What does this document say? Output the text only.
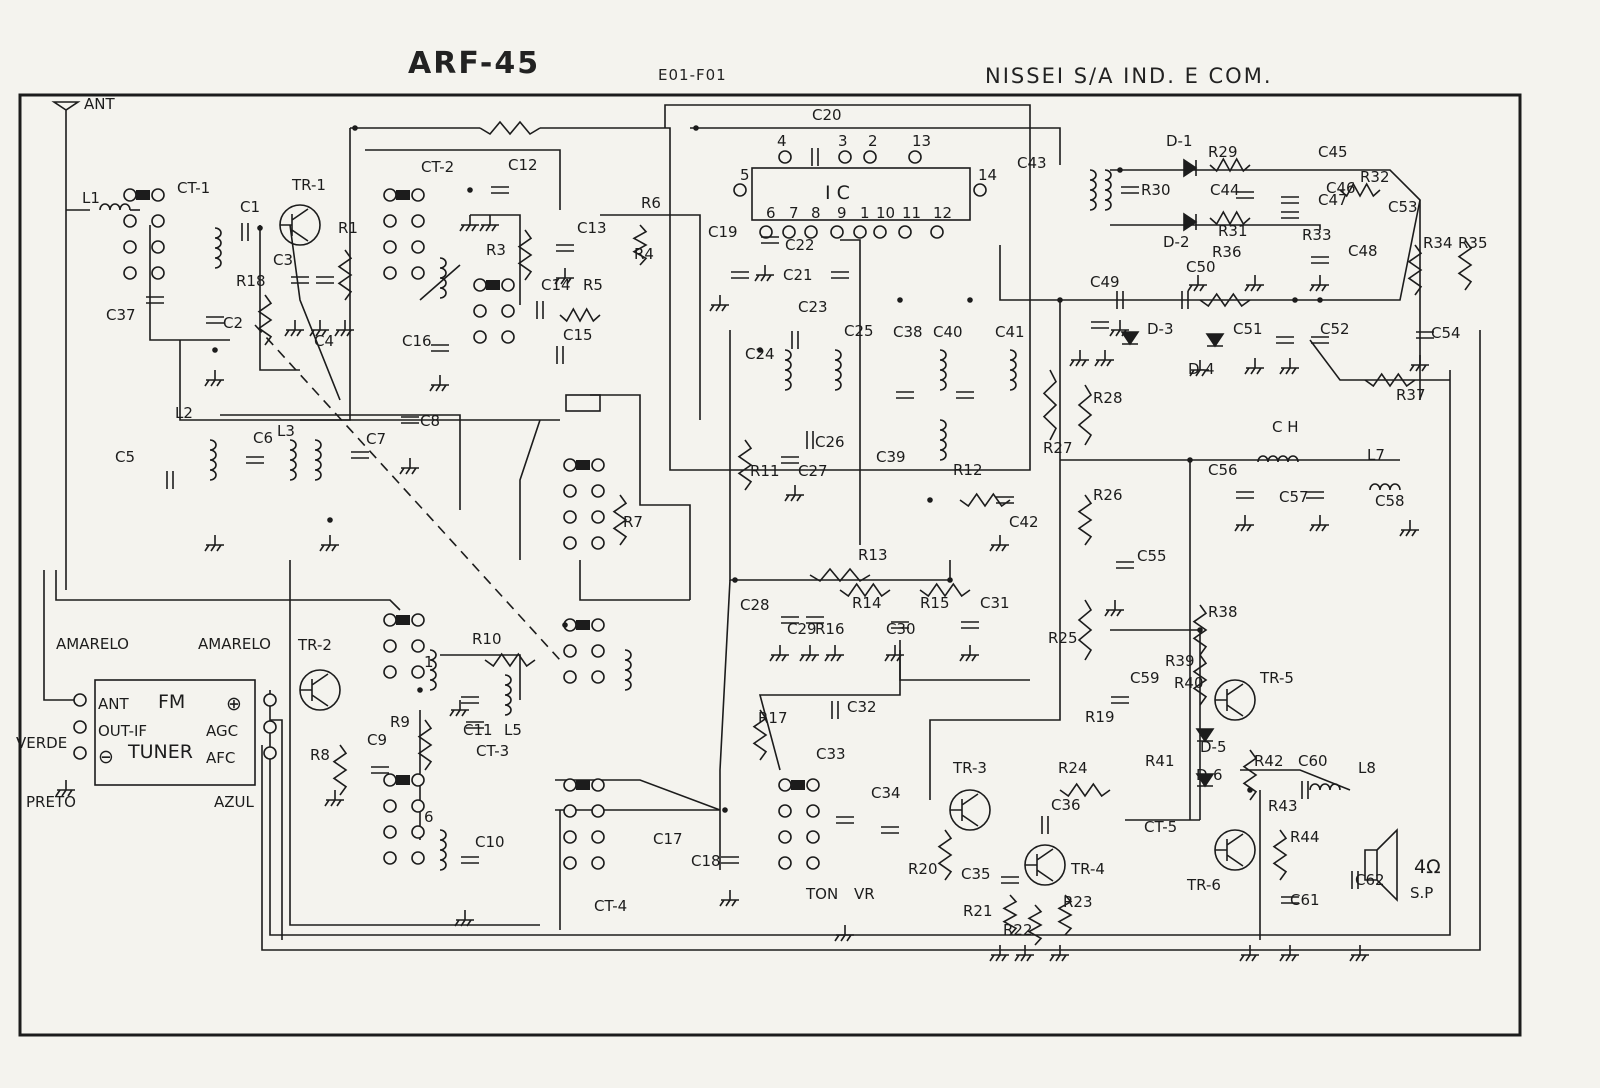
ARF-45	E01-F01	NISSEI S/A IND. E COM.
L1
CT-1
C1
TR-1
R1
CT-2	C12
R6
R4
C19
C20
C43
D-1
R29
R30	C44
C45
C46
R32
C47	C53
D-2
R31	R33
C48	R34 R35
C37
R18
C3
C4
C2
R3
C13
C14 R5
C15
C16
C21
C22
C23
C24
C25
C26
C27
R11
C38 C40 C41
C39
R12
C42
C49
C50
R36
D-3	C51	C52	C54
D-4
R37
R28
R27
C5
L2
C6 L3	C7
C8
R7
R26
C55
C56
C57
L7
C58
R13
C28
C29
R16
R14
C30
R15 C31
R25
R38
R39
C59 R40	TR-5
TR-2	R10
R9	C11
CT-3
L5
R8
C9
C10	C17
CT-4
C18
R17
C32
C33
C34
TON VR
R20
TR-3	R24
C36
TR-4
C35
R21
R22
R23
R19
D-5
R41
D-6
CT-5
R42 C60 L8
R43
R44
TR-6
C61
C62
ANT
FM
TUNER
ANT
OUT-IF	AGC
AFC
⊕
⊖
AMARELO	AMARELO
VERDE
PRETO	AZUL
I C
4	3 2 13
5	14
6 7 8 9 1 10 11 12
1
6
S.P
4Ω
C H
